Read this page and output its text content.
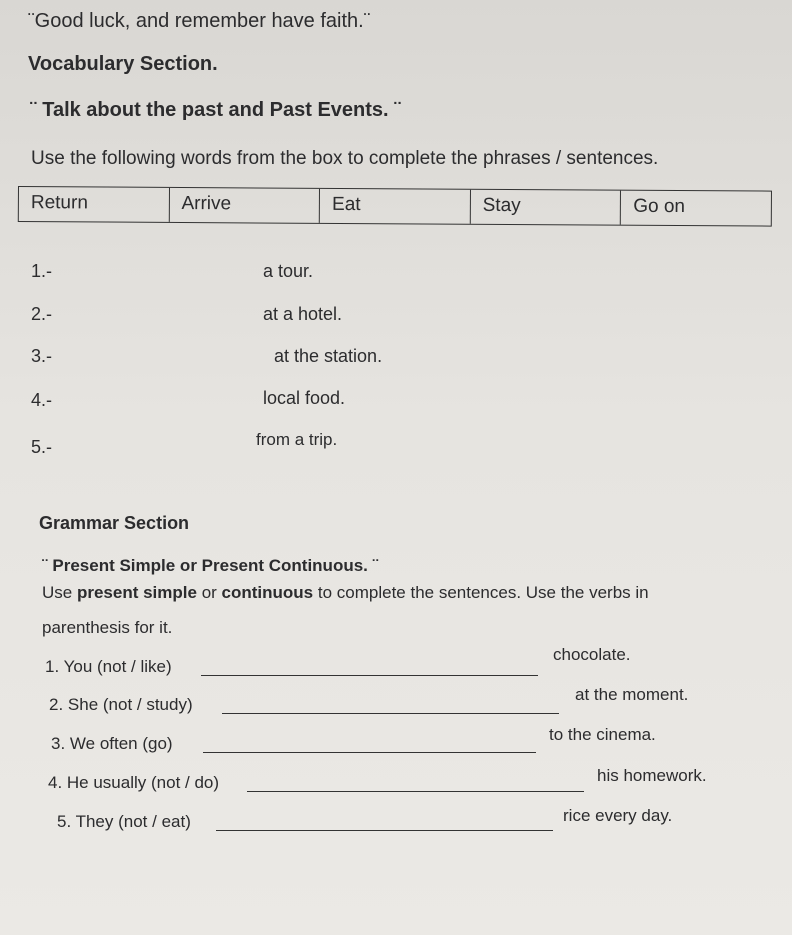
¨Good luck, and remember have faith.¨
Vocabulary Section.
¨ Talk about the past and Past Events. ¨
Use the following words from the box to complete the phrases / sentences.
Return	Arrive	Eat	Stay	Go on
1.-	a tour.
2.-	at a hotel.
3.-	at the station.
4.-	local food.
5.-	from a trip.
Grammar Section
¨ Present Simple or Present Continuous. ¨
Use present simple or continuous to complete the sentences. Use the verbs in
parenthesis for it.
1. You (not / like)
chocolate.
2. She (not / study)
at the moment.
3. We often (go)	to the cinema.
4. He usually (not / do)	his homework.
5. They (not / eat)	rice every day.
